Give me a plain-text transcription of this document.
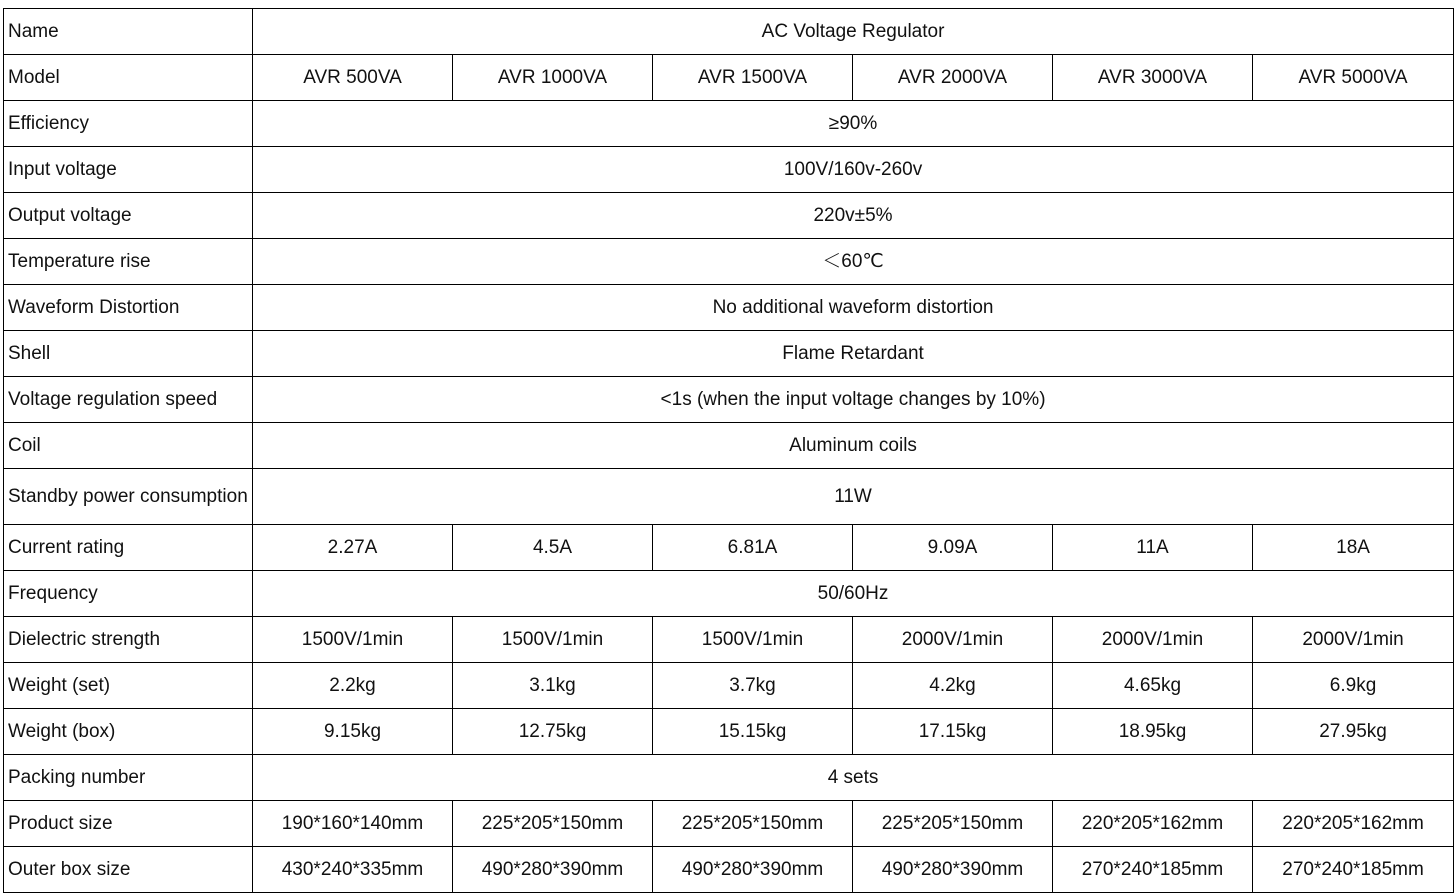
Name	AC Voltage Regulator					
Model	AVR 500VA	AVR 1000VA	AVR 1500VA	AVR 2000VA	AVR 3000VA	AVR 5000VA
Efficiency	≥90%					
Input voltage	100V/160v-260v					
Output voltage	220v±5%					
Temperature rise	＜60℃					
Waveform Distortion	No additional waveform distortion					
Shell	Flame Retardant					
Voltage regulation speed	<1s (when the input voltage changes by 10%)					
Coil	Aluminum coils					
Standby power consumption	11W					
Current rating	2.27A	4.5A	6.81A	9.09A	11A	18A
Frequency	50/60Hz					
Dielectric strength	1500V/1min	1500V/1min	1500V/1min	2000V/1min	2000V/1min	2000V/1min
Weight (set)	2.2kg	3.1kg	3.7kg	4.2kg	4.65kg	6.9kg
Weight (box)	9.15kg	12.75kg	15.15kg	17.15kg	18.95kg	27.95kg
Packing number	4 sets					
Product size	190*160*140mm	225*205*150mm	225*205*150mm	225*205*150mm	220*205*162mm	220*205*162mm
Outer box size	430*240*335mm	490*280*390mm	490*280*390mm	490*280*390mm	270*240*185mm	270*240*185mm
